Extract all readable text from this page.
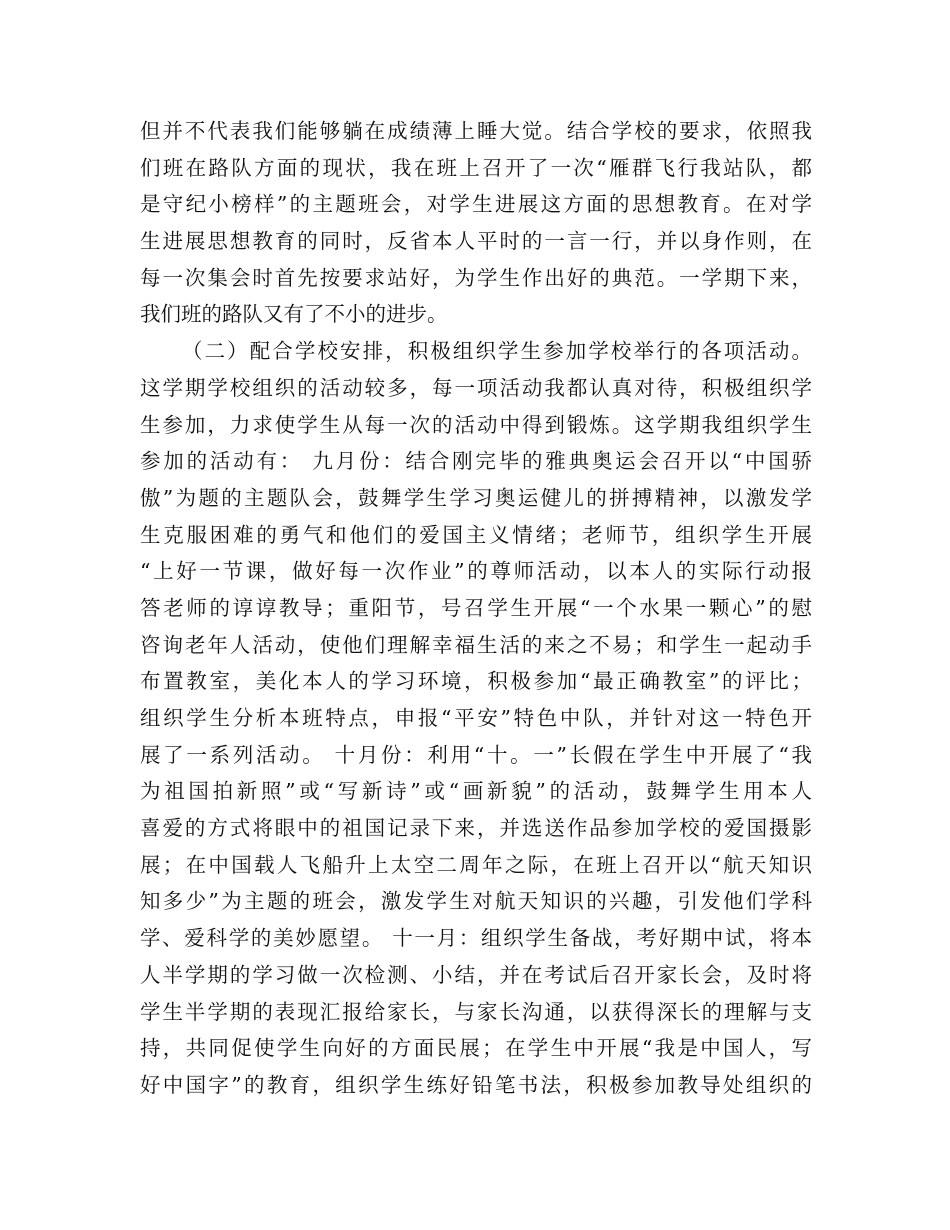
但并不代表我们能够躺在成绩薄上睡大觉。结合学校的要求，依照我
们班在路队方面的现状，我在班上召开了一次“雁群飞行我站队，都
是守纪小榜样”的主题班会，对学生进展这方面的思想教育。在对学
生进展思想教育的同时，反省本人平时的一言一行，并以身作则，在
每一次集会时首先按要求站好，为学生作出好的典范。一学期下来，
我们班的路队又有了不小的进步。
（二）配合学校安排，积极组织学生参加学校举行的各项活动。
这学期学校组织的活动较多，每一项活动我都认真对待，积极组织学
生参加，力求使学生从每一次的活动中得到锻炼。这学期我组织学生
参加的活动有： 九月份：结合刚完毕的雅典奥运会召开以“中国骄
傲”为题的主题队会，鼓舞学生学习奥运健儿的拼搏精神，以激发学
生克服困难的勇气和他们的爱国主义情绪；老师节，组织学生开展
“上好一节课，做好每一次作业”的尊师活动，以本人的实际行动报
答老师的谆谆教导；重阳节，号召学生开展“一个水果一颗心”的慰
咨询老年人活动，使他们理解幸福生活的来之不易；和学生一起动手
布置教室，美化本人的学习环境，积极参加“最正确教室”的评比；
组织学生分析本班特点，申报“平安”特色中队，并针对这一特色开
展了一系列活动。 十月份：利用“十。一”长假在学生中开展了“我
为祖国拍新照”或“写新诗”或“画新貌”的活动，鼓舞学生用本人
喜爱的方式将眼中的祖国记录下来，并选送作品参加学校的爱国摄影
展；在中国载人飞船升上太空二周年之际，在班上召开以“航天知识
知多少”为主题的班会，激发学生对航天知识的兴趣，引发他们学科
学、爱科学的美妙愿望。 十一月：组织学生备战，考好期中试，将本
人半学期的学习做一次检测、小结，并在考试后召开家长会，及时将
学生半学期的表现汇报给家长，与家长沟通，以获得深长的理解与支
持，共同促使学生向好的方面民展；在学生中开展“我是中国人，写
好中国字”的教育，组织学生练好铅笔书法，积极参加教导处组织的
